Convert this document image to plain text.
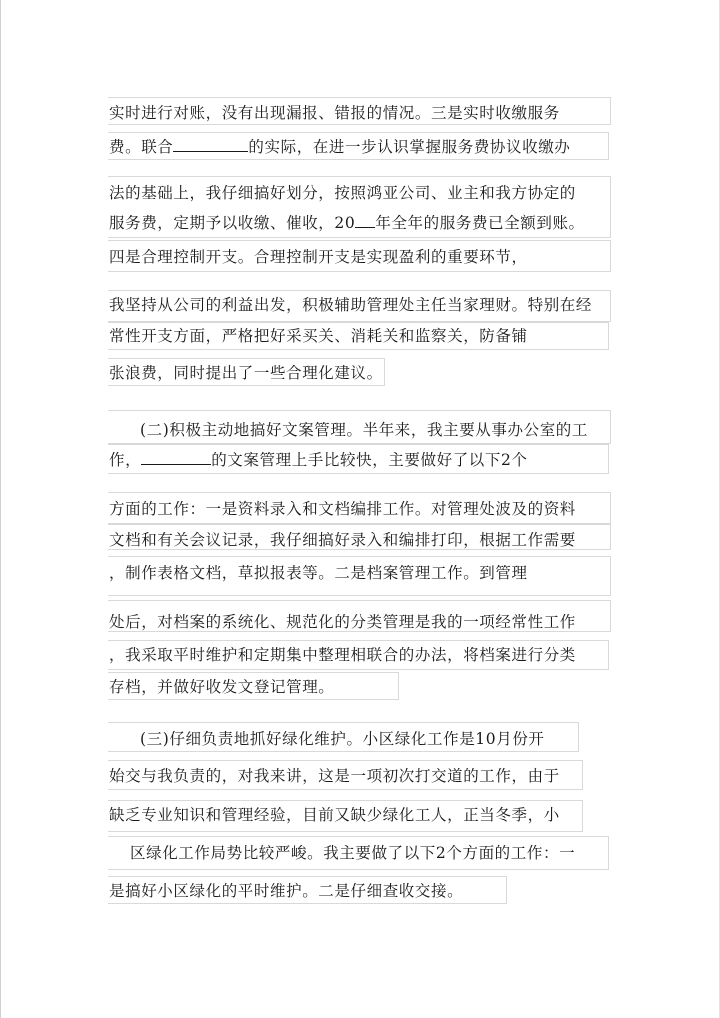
实时进行对账，没有出现漏报、错报的情况。三是实时收缴服务
费。联合	的实际，在进一步认识掌握服务费协议收缴办
法的基础上，我仔细搞好划分，按照鸿亚公司、业主和我方协定的
服务费，定期予以收缴、催收，20 年全年的服务费已全额到账。
四是合理控制开支。合理控制开支是实现盈利的重要环节，
我坚持从公司的利益出发，积极辅助管理处主任当家理财。特别在经
常性开支方面，严格把好采买关、消耗关和监察关，防备铺
张浪费，同时提出了一些合理化建议。
(二)积极主动地搞好文案管理。半年来，我主要从事办公室的工
作，	的文案管理上手比较快，主要做好了以下2个
方面的工作：一是资料录入和文档编排工作。对管理处波及的资料
文档和有关会议记录，我仔细搞好录入和编排打印，根据工作需要
，制作表格文档，草拟报表等。二是档案管理工作。到管理
处后，对档案的系统化、规范化的分类管理是我的一项经常性工作
，我采取平时维护和定期集中整理相联合的办法，将档案进行分类
存档，并做好收发文登记管理。
(三)仔细负责地抓好绿化维护。小区绿化工作是10月份开
始交与我负责的，对我来讲，这是一项初次打交道的工作，由于
缺乏专业知识和管理经验，目前又缺少绿化工人，正当冬季，小
区绿化工作局势比较严峻。我主要做了以下2个方面的工作：一
是搞好小区绿化的平时维护。二是仔细查收交接。
